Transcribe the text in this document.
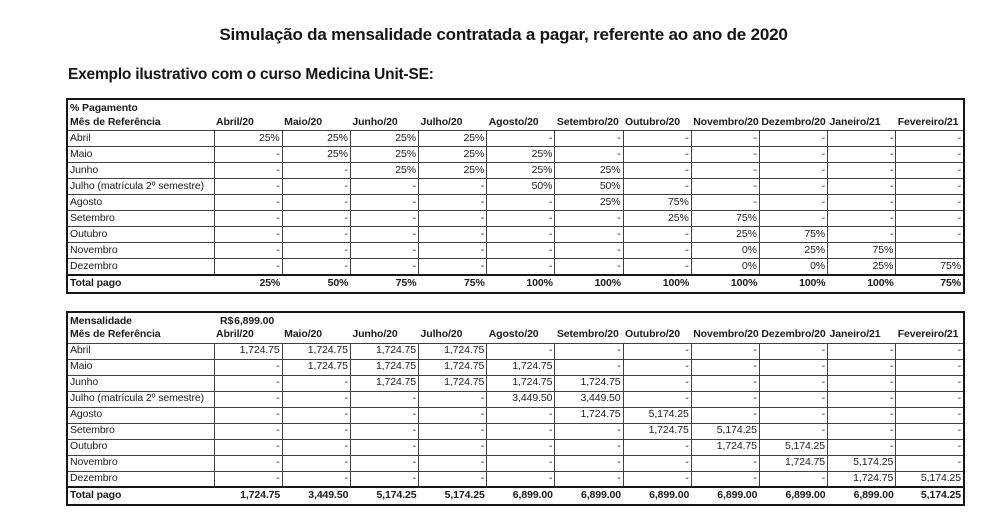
Simulação da mensalidade contratada a pagar, referente ao ano de 2020
Exemplo ilustrativo com o curso Medicina Unit-SE:
% Pagamento											
Mês de Referência	Abril/20	Maio/20	Junho/20	Julho/20	Agosto/20	Setembro/20	Outubro/20	Novembro/20	Dezembro/20	Janeiro/21	Fevereiro/21
Abril	25%	25%	25%	25%	-	-	-	-	-	-	-
Maio	-	25%	25%	25%	25%	-	-	-	-	-	-
Junho	-	-	25%	25%	25%	25%	-	-	-	-	-
Julho (matrícula 2º semestre)	-	-	-	-	50%	50%	-	-	-	-	-
Agosto	-	-	-	-	-	25%	75%	-	-	-	-
Setembro	-	-	-	-	-	-	25%	75%	-	-	-
Outubro	-	-	-	-	-	-	-	25%	75%	-	-
Novembro	-	-	-	-	-	-	-	0%	25%	75%	
Dezembro	-	-	-	-	-	-	-	0%	0%	25%	75%
Total pago	25%	50%	75%	75%	100%	100%	100%	100%	100%	100%	75%
Mensalidade	R$ 6,899.00										

Mês de Referência	Abril/20	Maio/20	Junho/20	Julho/20	Agosto/20	Setembro/20	Outubro/20	Novembro/20	Dezembro/20	Janeiro/21	Fevereiro/21
Abril	1,724.75	1,724.75	1,724.75	1,724.75	-	-	-	-	-	-	-
Maio	-	1,724.75	1,724.75	1,724.75	1,724.75	-	-	-	-	-	-
Junho	-	-	1,724.75	1,724.75	1,724.75	1,724.75	-	-	-	-	-
Julho (matrícula 2º semestre)	-	-	-	-	3,449.50	3,449.50	-	-	-	-	-
Agosto	-	-	-	-	-	1,724.75	5,174.25	-	-	-	-
Setembro	-	-	-	-	-	-	1,724.75	5,174.25	-	-	-
Outubro	-	-	-	-	-	-	-	1,724.75	5,174.25	-	-
Novembro	-	-	-	-	-	-	-	-	1,724.75	5,174.25	-
Dezembro	-	-	-	-	-	-	-	-	-	1,724.75	5,174.25
Total pago	1,724.75	3,449.50	5,174.25	5,174.25	6,899.00	6,899.00	6,899.00	6,899.00	6,899.00	6,899.00	5,174.25
